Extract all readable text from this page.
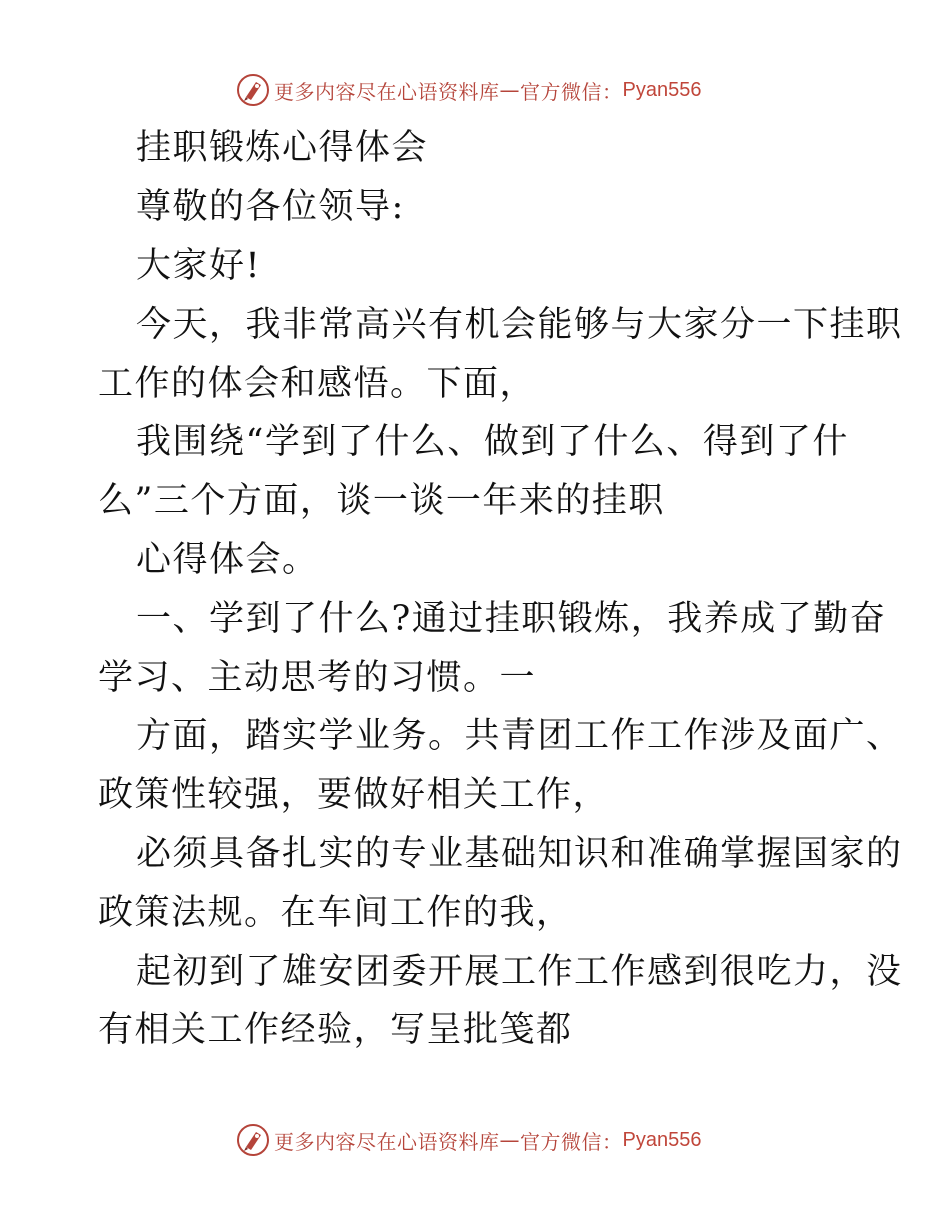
更多内容尽在心语资料库 — 官方微信： Pyan556
挂职锻炼心得体会
尊敬的各位领导:
大家好!
今天，我非常高兴有机会能够与大家分一下挂职
工作的体会和感悟。下面，
我围绕“学到了什么、做到了什么、得到了什
么”三个方面，谈一谈一年来的挂职
心得体会。
一、学到了什么?通过挂职锻炼，我养成了勤奋
学习、主动思考的习惯。一
方面，踏实学业务。共青团工作工作涉及面广、
政策性较强，要做好相关工作，
必须具备扎实的专业基础知识和准确掌握国家的
政策法规。在车间工作的我，
起初到了雄安团委开展工作工作感到很吃力，没
有相关工作经验，写呈批笺都
更多内容尽在心语资料库 — 官方微信： Pyan556
